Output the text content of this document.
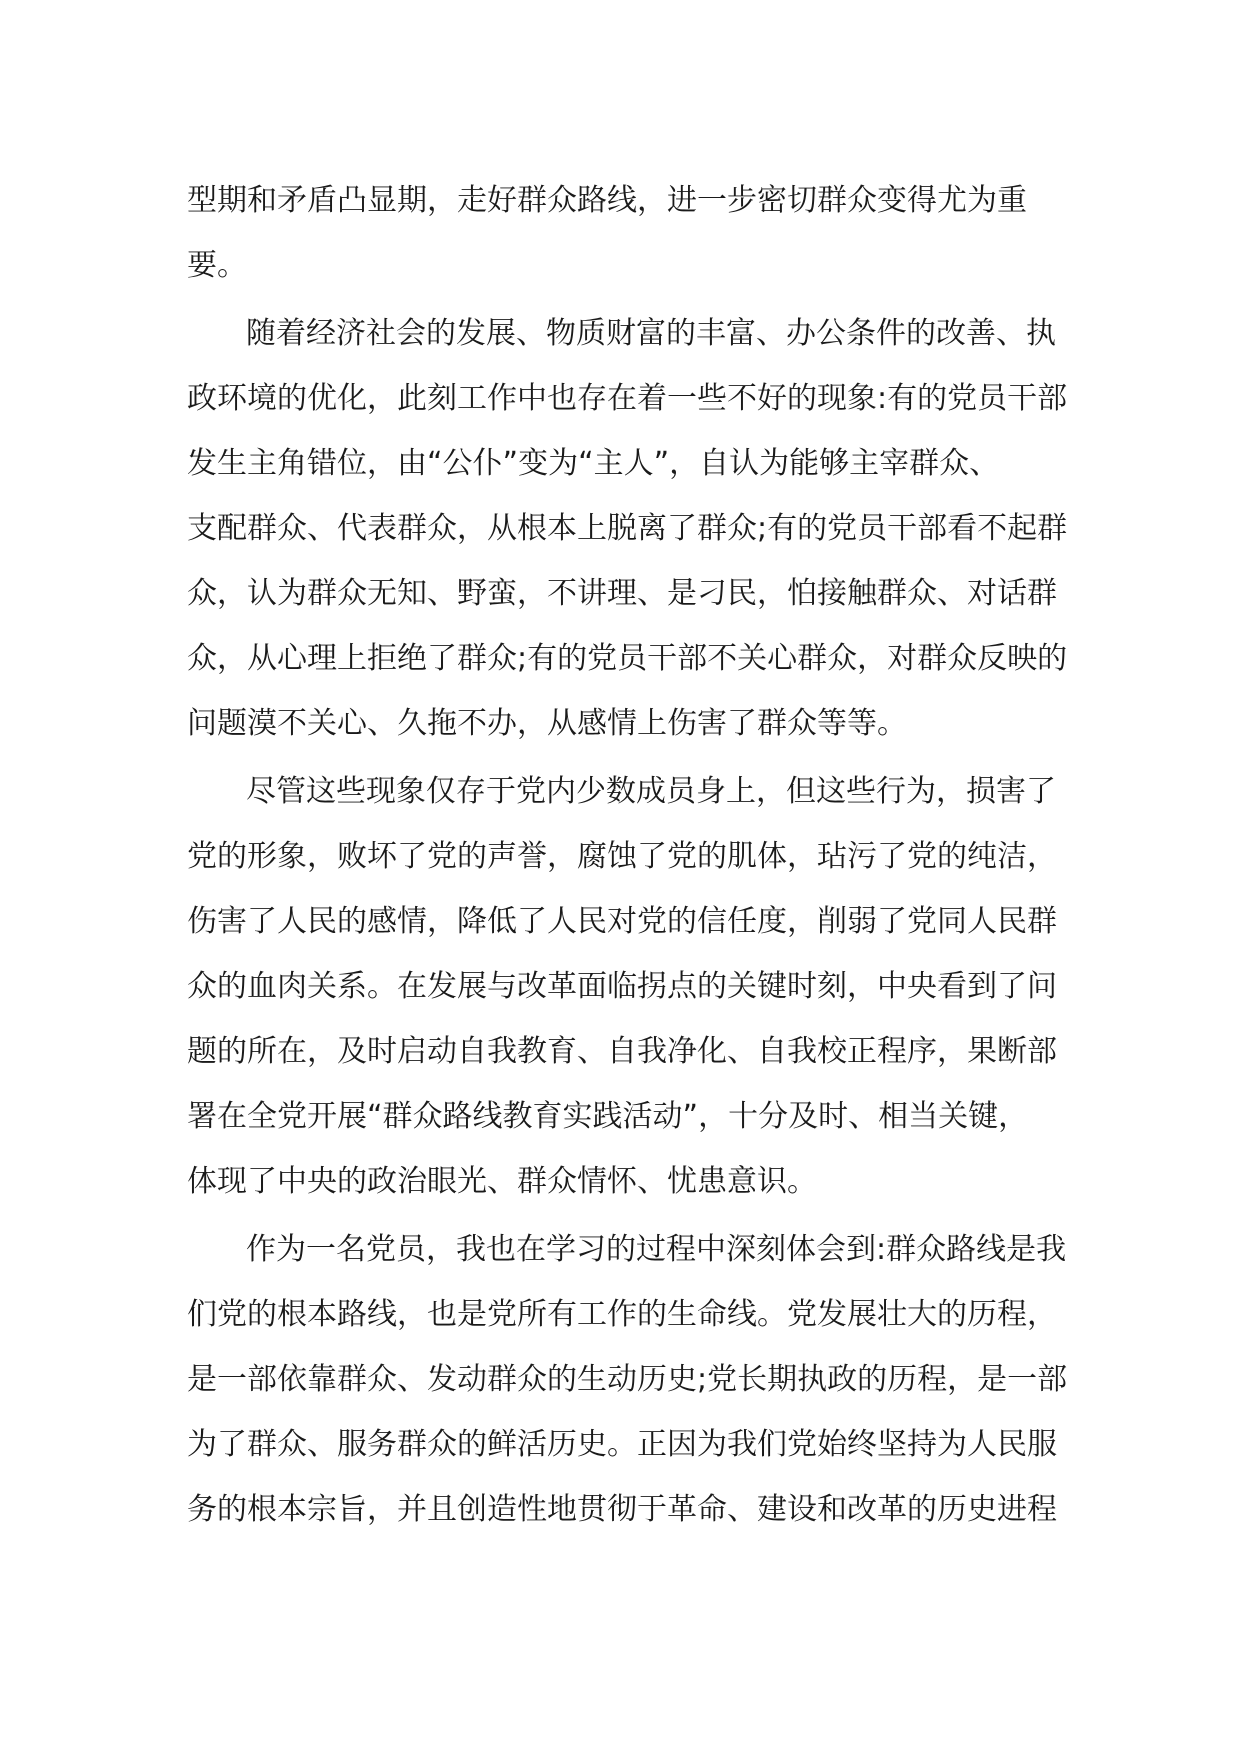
型期和矛盾凸显期，走好群众路线，进一步密切群众变得尤为重
要。
随着经济社会的发展、物质财富的丰富、办公条件的改善、执
政环境的优化，此刻工作中也存在着一些不好的现象:有的党员干部
发生主角错位，由“公仆”变为“主人”，自认为能够主宰群众、
支配群众、代表群众，从根本上脱离了群众;有的党员干部看不起群
众，认为群众无知、野蛮，不讲理、是刁民，怕接触群众、对话群
众，从心理上拒绝了群众;有的党员干部不关心群众，对群众反映的
问题漠不关心、久拖不办，从感情上伤害了群众等等。
尽管这些现象仅存于党内少数成员身上，但这些行为，损害了
党的形象，败坏了党的声誉，腐蚀了党的肌体，玷污了党的纯洁，
伤害了人民的感情，降低了人民对党的信任度，削弱了党同人民群
众的血肉关系。在发展与改革面临拐点的关键时刻，中央看到了问
题的所在，及时启动自我教育、自我净化、自我校正程序，果断部
署在全党开展“群众路线教育实践活动”，十分及时、相当关键，
体现了中央的政治眼光、群众情怀、忧患意识。
作为一名党员，我也在学习的过程中深刻体会到:群众路线是我
们党的根本路线，也是党所有工作的生命线。党发展壮大的历程，
是一部依靠群众、发动群众的生动历史;党长期执政的历程，是一部
为了群众、服务群众的鲜活历史。正因为我们党始终坚持为人民服
务的根本宗旨，并且创造性地贯彻于革命、建设和改革的历史进程
